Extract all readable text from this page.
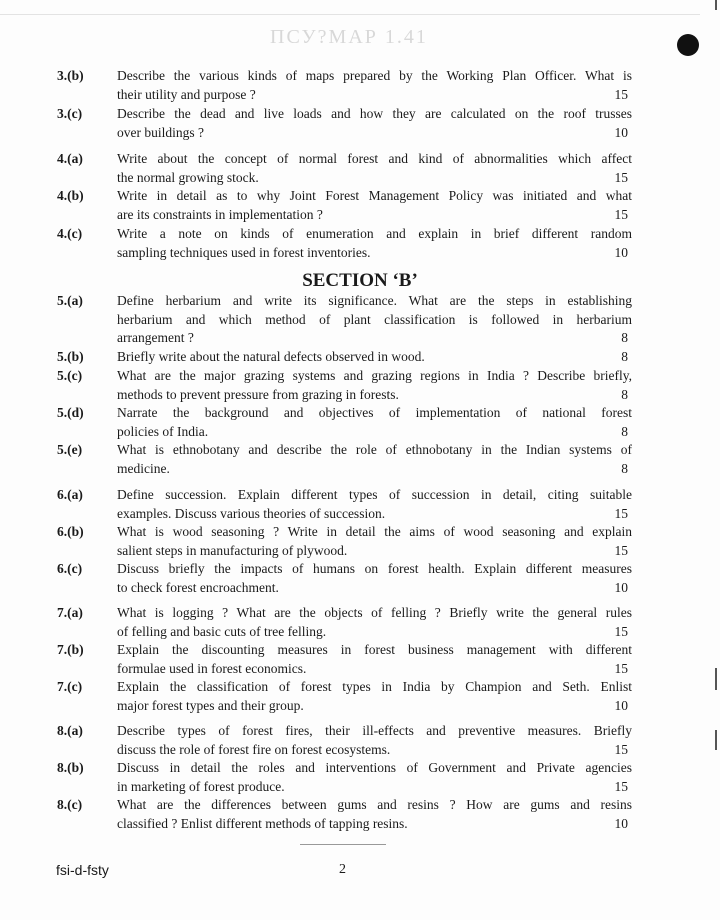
ПСУ?МАР 1.41
3.(b)	Describe the various kinds of maps prepared by the Working Plan Officer. What is
their utility and purpose ?	15
3.(c)	Describe the dead and live loads and how they are calculated on the roof trusses
over buildings ?	10
4.(a)	Write about the concept of normal forest and kind of abnormalities which affect
the normal growing stock.	15
4.(b)	Write in detail as to why Joint Forest Management Policy was initiated and what
are its constraints in implementation ?	15
4.(c)	Write a note on kinds of enumeration and explain in brief different random
sampling techniques used in forest inventories.	10
5.(a)	Define herbarium and write its significance. What are the steps in establishing
herbarium and which method of plant classification is followed in herbarium
arrangement ?	8
5.(b)	Briefly write about the natural defects observed in wood.	8
5.(c)	What are the major grazing systems and grazing regions in India ? Describe briefly,
methods to prevent pressure from grazing in forests.	8
5.(d)	Narrate the background and objectives of implementation of national forest
policies of India.	8
5.(e)	What is ethnobotany and describe the role of ethnobotany in the Indian systems of
medicine.	8
6.(a)	Define succession. Explain different types of succession in detail, citing suitable
examples. Discuss various theories of succession.	15
6.(b)	What is wood seasoning ? Write in detail the aims of wood seasoning and explain
salient steps in manufacturing of plywood.	15
6.(c)	Discuss briefly the impacts of humans on forest health. Explain different measures
to check forest encroachment.	10
7.(a)	What is logging ? What are the objects of felling ? Briefly write the general rules
of felling and basic cuts of tree felling.	15
7.(b)	Explain the discounting measures in forest business management with different
formulae used in forest economics.	15
7.(c)	Explain the classification of forest types in India by Champion and Seth. Enlist
major forest types and their group.	10
8.(a)	Describe types of forest fires, their ill-effects and preventive measures. Briefly
discuss the role of forest fire on forest ecosystems.	15
8.(b)	Discuss in detail the roles and interventions of Government and Private agencies
in marketing of forest produce.	15
8.(c)	What are the differences between gums and resins ? How are gums and resins
classified ? Enlist different methods of tapping resins.	10
SECTION ‘B’
fsi-d-fsty	2
